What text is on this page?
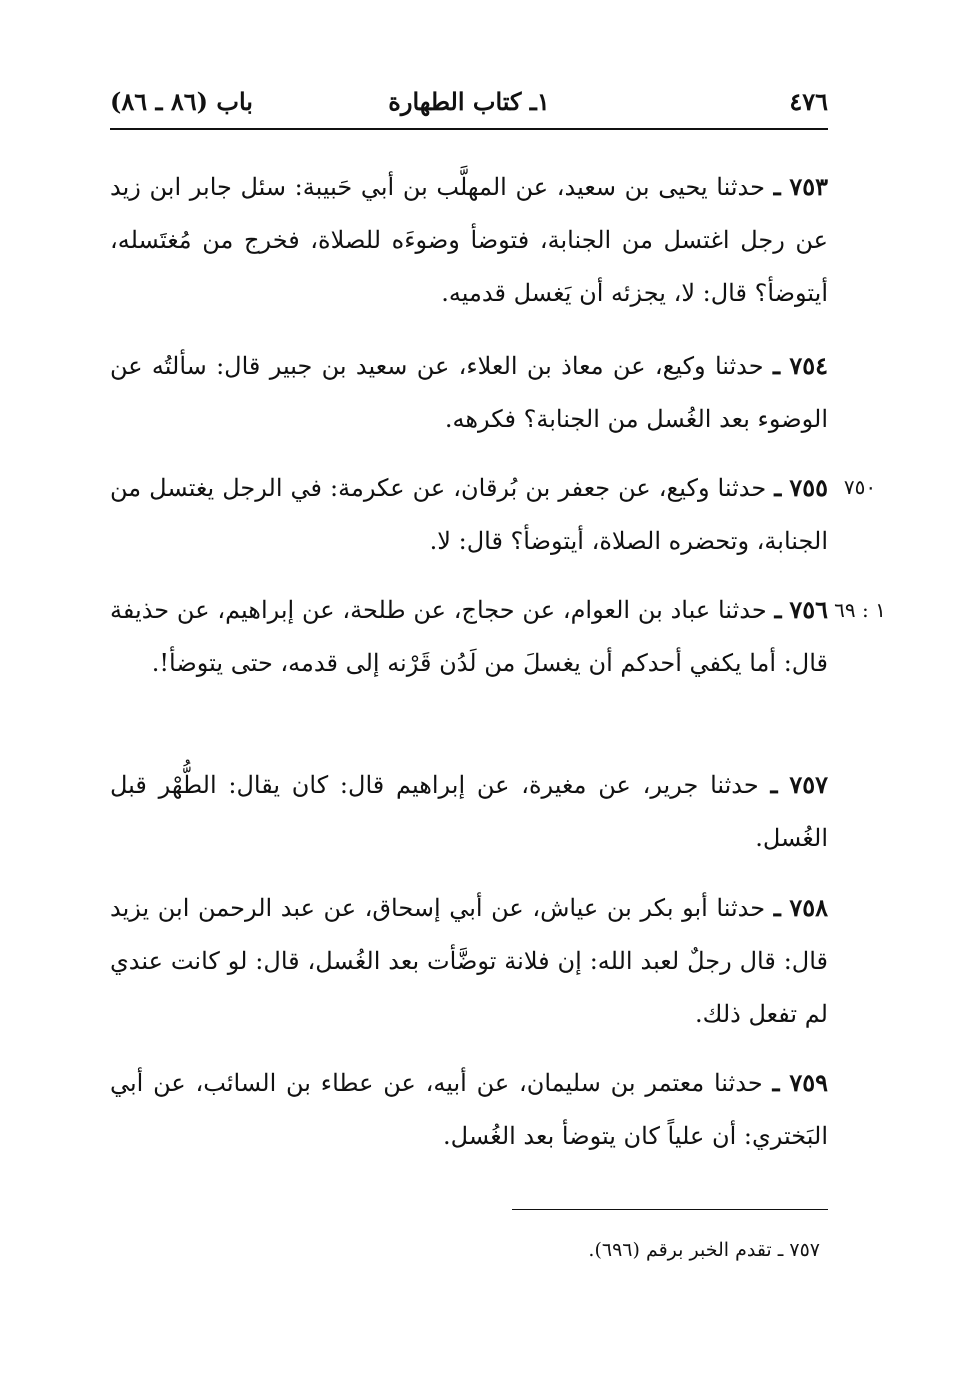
٤٧٦
١ـ كتاب الطهارة
باب (٨٦ ـ ٨٦)
٧٥٣ ـ حدثنا يحيى بن سعيد، عن المهلَّب بن أبي حَبيبة: سئل جابر ابن زيد عن رجل اغتسل من الجنابة، فتوضأ وضوءَه للصلاة، فخرج من مُغتَسله، أيتوضأ؟ قال: لا، يجزئه أن يَغسل قدميه.
٧٥٤ ـ حدثنا وكيع، عن معاذ بن العلاء، عن سعيد بن جبير قال: سألتُه عن الوضوء بعد الغُسل من الجنابة؟ فكرهه.
٧٥٥ ـ حدثنا وكيع، عن جعفر بن بُرقان، عن عكرمة: في الرجل يغتسل من الجنابة، وتحضره الصلاة، أيتوضأ؟ قال: لا.
٧٥٠
٧٥٦ ـ حدثنا عباد بن العوام، عن حجاج، عن طلحة، عن إبراهيم، عن حذيفة قال: أما يكفي أحدكم أن يغسلَ من لَدُن قَرْنه إلى قدمه، حتى يتوضأ!.
١ : ٦٩
٧٥٧ ـ حدثنا جرير، عن مغيرة، عن إبراهيم قال: كان يقال: الطُّهْر قبل الغُسل.
٧٥٨ ـ حدثنا أبو بكر بن عياش، عن أبي إسحاق، عن عبد الرحمن ابن يزيد قال: قال رجلٌ لعبد الله: إن فلانة توضَّأت بعد الغُسل، قال: لو كانت عندي لم تفعل ذلك.
٧٥٩ ـ حدثنا معتمر بن سليمان، عن أبيه، عن عطاء بن السائب، عن أبي البَختري: أن علياً كان يتوضأ بعد الغُسل.
٧٥٧ ـ تقدم الخبر برقم (٦٩٦).
